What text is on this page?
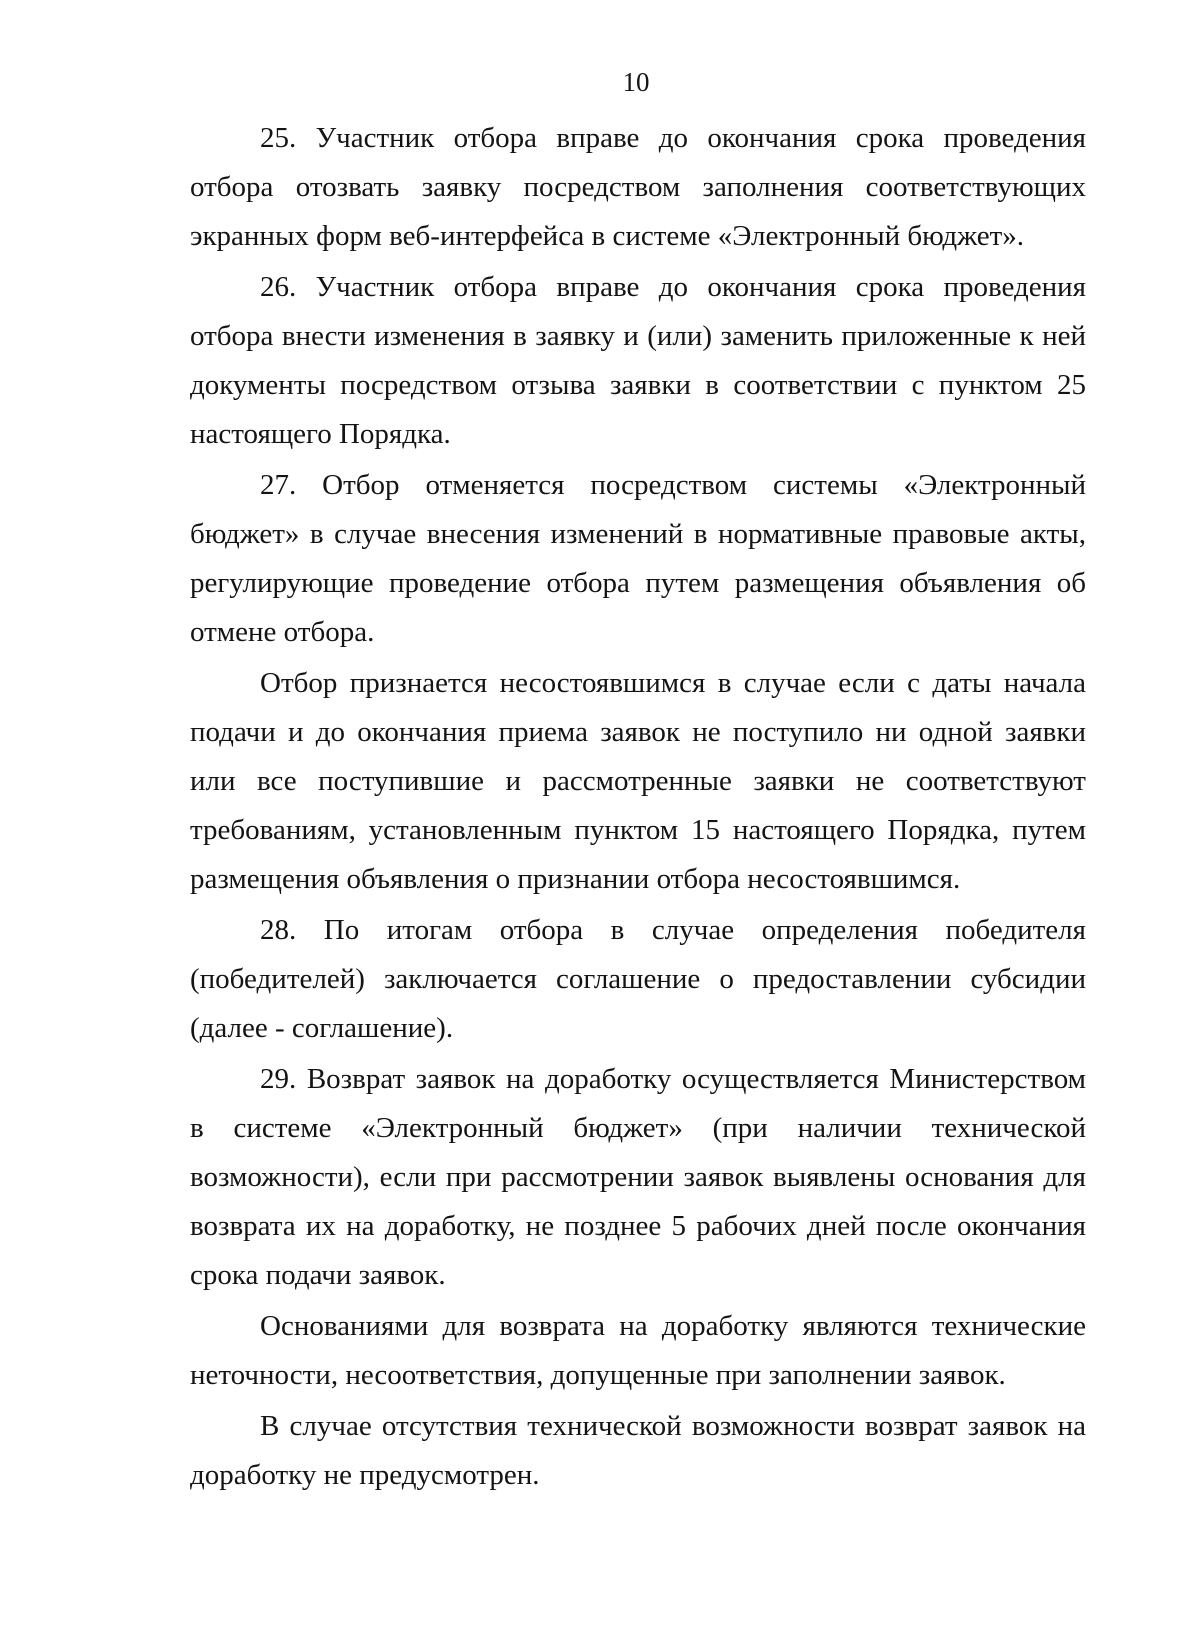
10

25. Участник отбора вправе до окончания срока проведения отбора отозвать заявку посредством заполнения соответствующих экранных форм веб-интерфейса в системе «Электронный бюджет».

26. Участник отбора вправе до окончания срока проведения отбора внести изменения в заявку и (или) заменить приложенные к ней документы посредством отзыва заявки в соответствии с пунктом 25 настоящего Порядка.

27. Отбор отменяется посредством системы «Электронный бюджет» в случае внесения изменений в нормативные правовые акты, регулирующие проведение отбора путем размещения объявления об отмене отбора.

Отбор признается несостоявшимся в случае если с даты начала подачи и до окончания приема заявок не поступило ни одной заявки или все поступившие и рассмотренные заявки не соответствуют требованиям, установленным пунктом 15 настоящего Порядка, путем размещения объявления о признании отбора несостоявшимся.

28. По итогам отбора в случае определения победителя (победителей) заключается соглашение о предоставлении субсидии (далее - соглашение).

29. Возврат заявок на доработку осуществляется Министерством в системе «Электронный бюджет» (при наличии технической возможности), если при рассмотрении заявок выявлены основания для возврата их на доработку, не позднее 5 рабочих дней после окончания срока подачи заявок.

Основаниями для возврата на доработку являются технические неточности, несоответствия, допущенные при заполнении заявок.

В случае отсутствия технической возможности возврат заявок на доработку не предусмотрен.
